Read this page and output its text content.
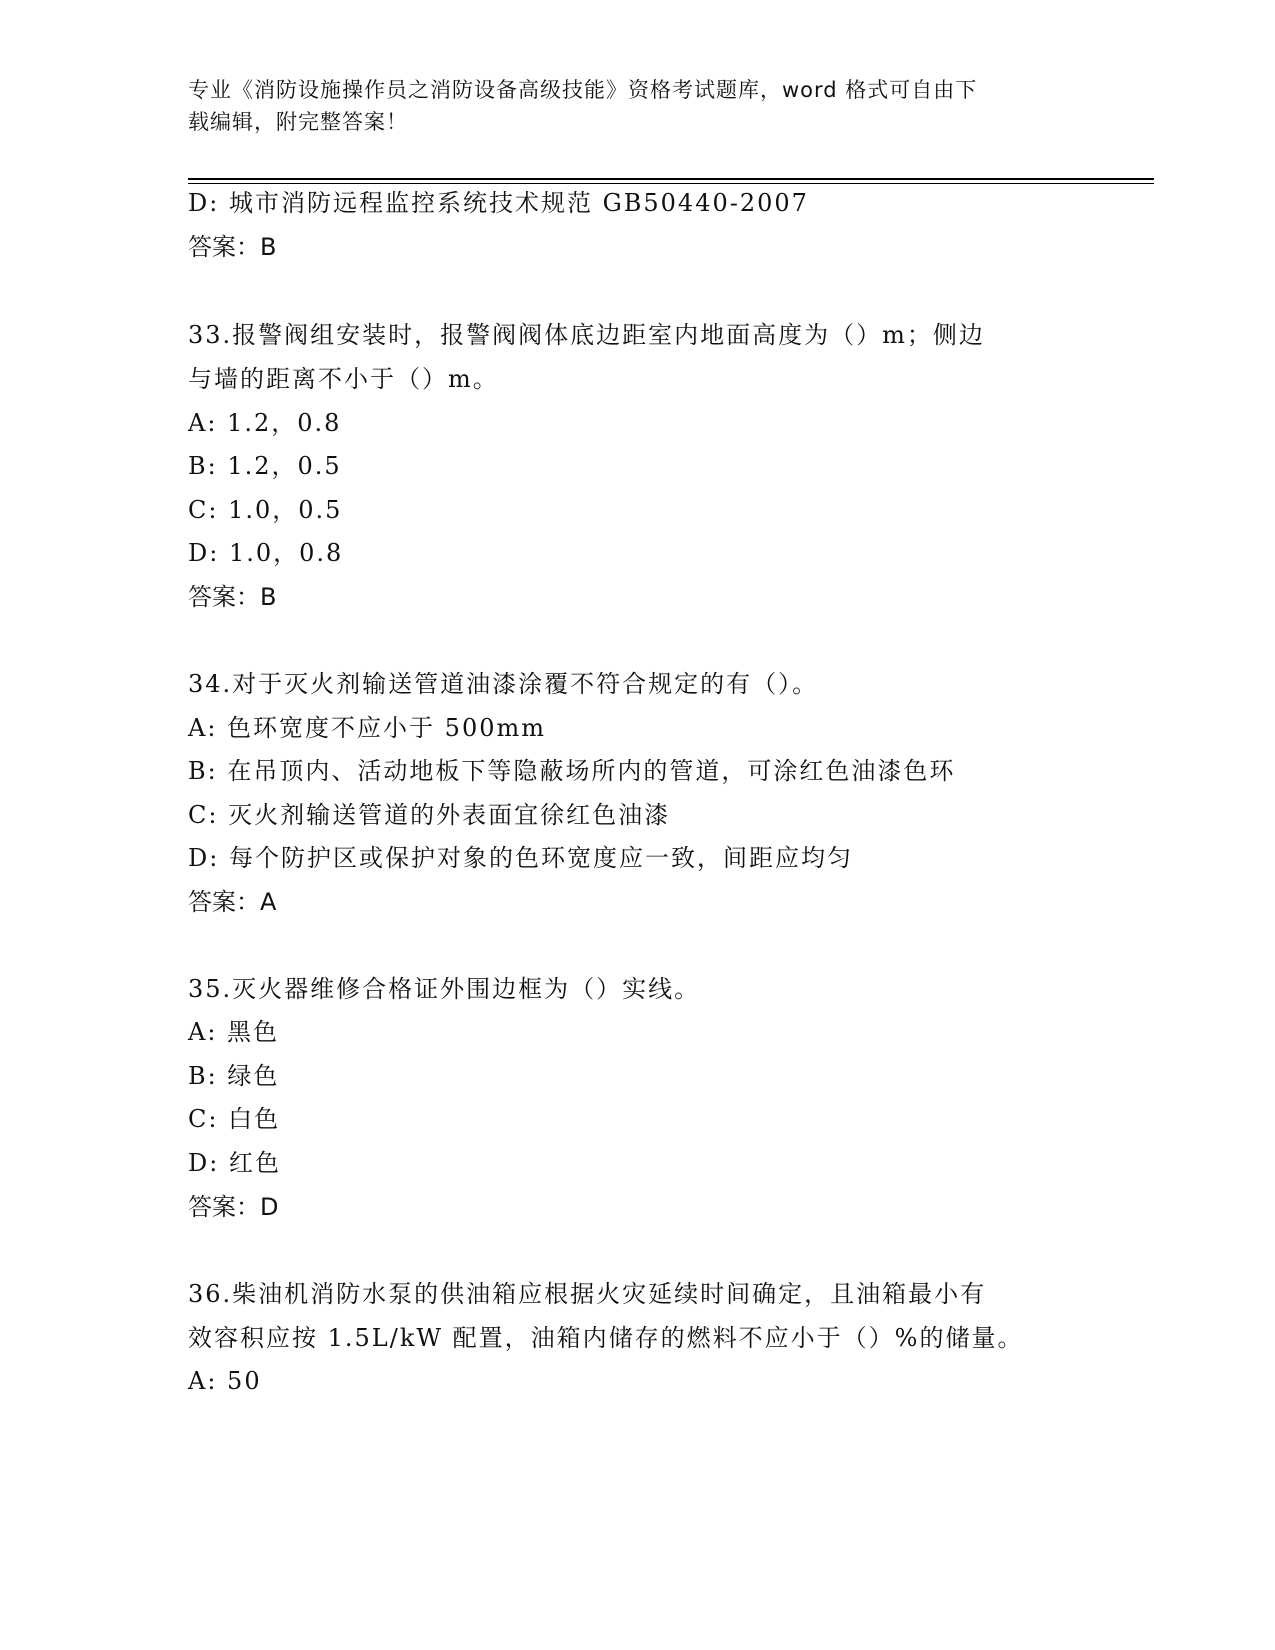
专业《消防设施操作员之消防设备高级技能》资格考试题库，word 格式可自由下
载编辑，附完整答案！
D: 城市消防远程监控系统技术规范 GB50440-2007
答案：B
33.报警阀组安装时，报警阀阀体底边距室内地面高度为（）m；侧边
与墙的距离不小于（）m。
A: 1.2，0.8
B: 1.2，0.5
C: 1.0，0.5
D: 1.0，0.8
答案：B
34.对于灭火剂输送管道油漆涂覆不符合规定的有（）。
A: 色环宽度不应小于 500mm
B: 在吊顶内、活动地板下等隐蔽场所内的管道，可涂红色油漆色环
C: 灭火剂输送管道的外表面宜徐红色油漆
D: 每个防护区或保护对象的色环宽度应一致，间距应均匀
答案：A
35.灭火器维修合格证外围边框为（）实线。
A: 黑色
B: 绿色
C: 白色
D: 红色
答案：D
36.柴油机消防水泵的供油箱应根据火灾延续时间确定，且油箱最小有
效容积应按 1.5L/kW 配置，油箱内储存的燃料不应小于（）%的储量。
A: 50
